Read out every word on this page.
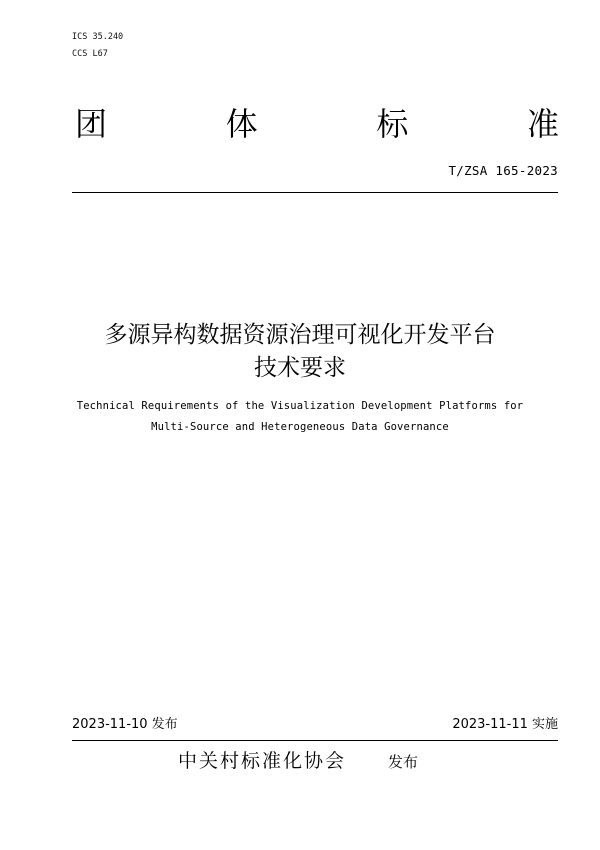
ICS 35.240
CCS L67
团	体	标	准
T/ZSA 165-2023
多源异构数据资源治理可视化开发平台
技术要求
Technical Requirements of the Visualization Development Platforms for
Multi-Source and Heterogeneous Data Governance
2023-11-10 发布	2023-11-11 实施
中关村标准化协会	发布
